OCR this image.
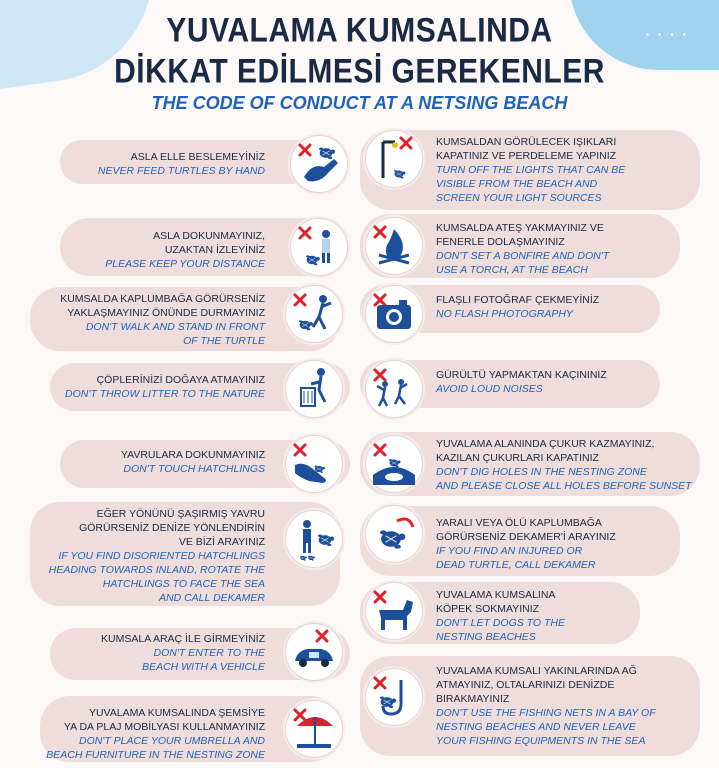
• • • •
YUVALAMA KUMSALINDA
DİKKAT EDİLMESİ GEREKENLER
THE CODE OF CONDUCT AT A NETSING BEACH
ASLA ELLE BESLEMEYİNİZ
NEVER FEED TURTLES BY HAND
ASLA DOKUNMAYINIZ,
UZAKTAN İZLEYİNİZ
PLEASE KEEP YOUR DISTANCE
KUMSALDA KAPLUMBAĞA GÖRÜRSENİZ
YAKLAŞMAYINIZ ÖNÜNDE DURMAYINIZ
DON'T WALK AND STAND IN FRONT
OF THE TURTLE
ÇÖPLERİNİZİ DOĞAYA ATMAYINIZ
DON'T THROW LITTER TO THE NATURE
YAVRULARA DOKUNMAYINIZ
DON'T TOUCH HATCHLINGS
EĞER YÖNÜNÜ ŞAŞIRMIŞ YAVRU
GÖRÜRSENİZ DENİZE YÖNLENDİRİN
VE BİZİ ARAYINIZ
IF YOU FIND DISORIENTED HATCHLINGS
HEADING TOWARDS INLAND, ROTATE THE
HATCHLINGS TO FACE THE SEA
AND CALL DEKAMER
KUMSALA ARAÇ İLE GİRMEYİNİZ
DON'T ENTER TO THE
BEACH WITH A VEHICLE
YUVALAMA KUMSALINDA ŞEMSİYE
YA DA PLAJ MOBİLYASI KULLANMAYINIZ
DON'T PLACE YOUR UMBRELLA AND
BEACH FURNITURE IN THE NESTING ZONE
KUMSALDAN GÖRÜLECEK IŞIKLARI
KAPATINIZ VE PERDELEME YAPINIZ
TURN OFF THE LIGHTS THAT CAN BE
VISIBLE FROM THE BEACH AND
SCREEN YOUR LIGHT SOURCES
KUMSALDA ATEŞ YAKMAYINIZ VE
FENERLE DOLAŞMAYINIZ
DON'T SET A BONFIRE AND DON'T
USE A TORCH, AT THE BEACH
FLAŞLI FOTOĞRAF ÇEKMEYİNİZ
NO FLASH PHOTOGRAPHY
GÜRÜLTÜ YAPMAKTAN KAÇININIZ
AVOID LOUD NOISES
YUVALAMA ALANINDA ÇUKUR KAZMAYINIZ,
KAZILAN ÇUKURLARI KAPATINIZ
DON'T DIG HOLES IN THE NESTING ZONE
AND PLEASE CLOSE ALL HOLES BEFORE SUNSET
YARALI VEYA ÖLÜ KAPLUMBAĞA
GÖRÜRSENİZ DEKAMER'İ ARAYINIZ
IF YOU FIND AN INJURED OR
DEAD TURTLE, CALL DEKAMER
YUVALAMA KUMSALINA
KÖPEK SOKMAYINIZ
DON'T LET DOGS TO THE
NESTING BEACHES
YUVALAMA KUMSALI YAKINLARINDA AĞ
ATMAYINIZ, OLTALARINIZI DENİZDE
BIRAKMAYINIZ
DON'T USE THE FISHING NETS IN A BAY OF
NESTING BEACHES AND NEVER LEAVE
YOUR FISHING EQUIPMENTS IN THE SEA
